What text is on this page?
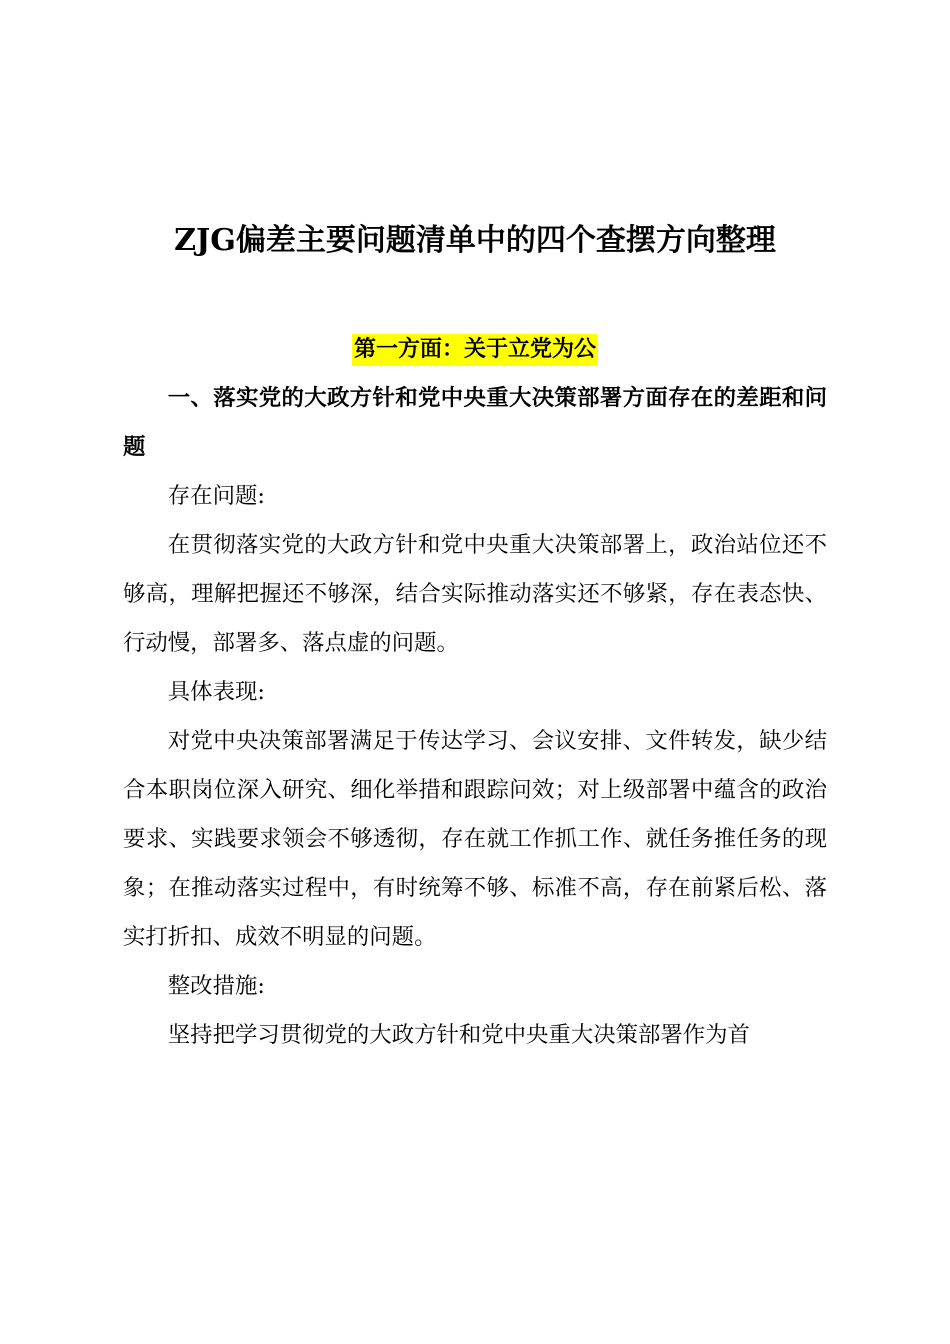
ZJG偏差主要问题清单中的四个查摆方向整理
第一方面：关于立党为公

一、落实党的大政方针和党中央重大决策部署方面存在的差距和问题

存在问题:

在贯彻落实党的大政方针和党中央重大决策部署上，政治站位还不够高，理解把握还不够深，结合实际推动落实还不够紧，存在表态快、行动慢，部署多、落点虚的问题。

具体表现:

对党中央决策部署满足于传达学习、会议安排、文件转发，缺少结合本职岗位深入研究、细化举措和跟踪问效；对上级部署中蕴含的政治要求、实践要求领会不够透彻，存在就工作抓工作、就任务推任务的现象；在推动落实过程中，有时统筹不够、标准不高，存在前紧后松、落实打折扣、成效不明显的问题。

整改措施:

坚持把学习贯彻党的大政方针和党中央重大决策部署作为首
